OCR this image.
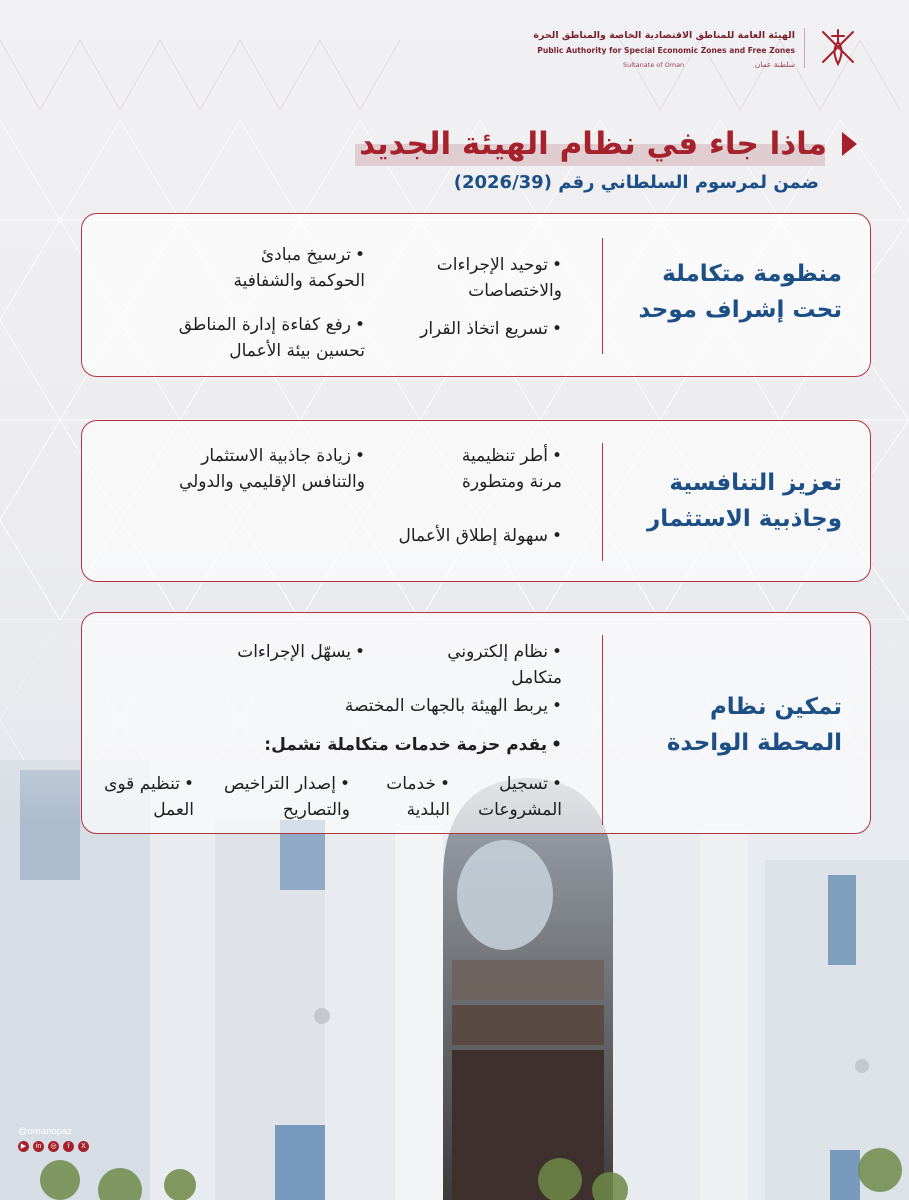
الهيئة العامة للمناطق الاقتصادية الخاصة والمناطق الحرة
Public Authority for Special Economic Zones and Free Zones
Sultanate of Oman	سلطنة عمان
ماذا جاء في نظام الهيئة الجديد
ضمن لمرسوم السلطاني رقم (2026/39)
منظومة متكاملة
تحت إشراف موحد
• توحيد الإجراءات
والاختصاصات
• ترسيخ مبادئ
الحوكمة والشفافية
• تسريع اتخاذ القرار
• رفع كفاءة إدارة المناطق
تحسين بيئة الأعمال
تعزيز التنافسية
وجاذبية الاستثمار
• أطر تنظيمية
مرنة ومتطورة
• زيادة جاذبية الاستثمار
والتنافس الإقليمي والدولي
• سهولة إطلاق الأعمال
تمكين نظام
المحطة الواحدة
• نظام إلكتروني
متكامل
• يسهّل الإجراءات
• يربط الهيئة بالجهات المختصة
• يقدم حزمة خدمات متكاملة تشمل:
• تسجيل
المشروعات
• خدمات
البلدية
• إصدار التراخيص
والتصاريح
• تنظيم قوى
العمل
@omanopaz
▶	in	◎	f	X
